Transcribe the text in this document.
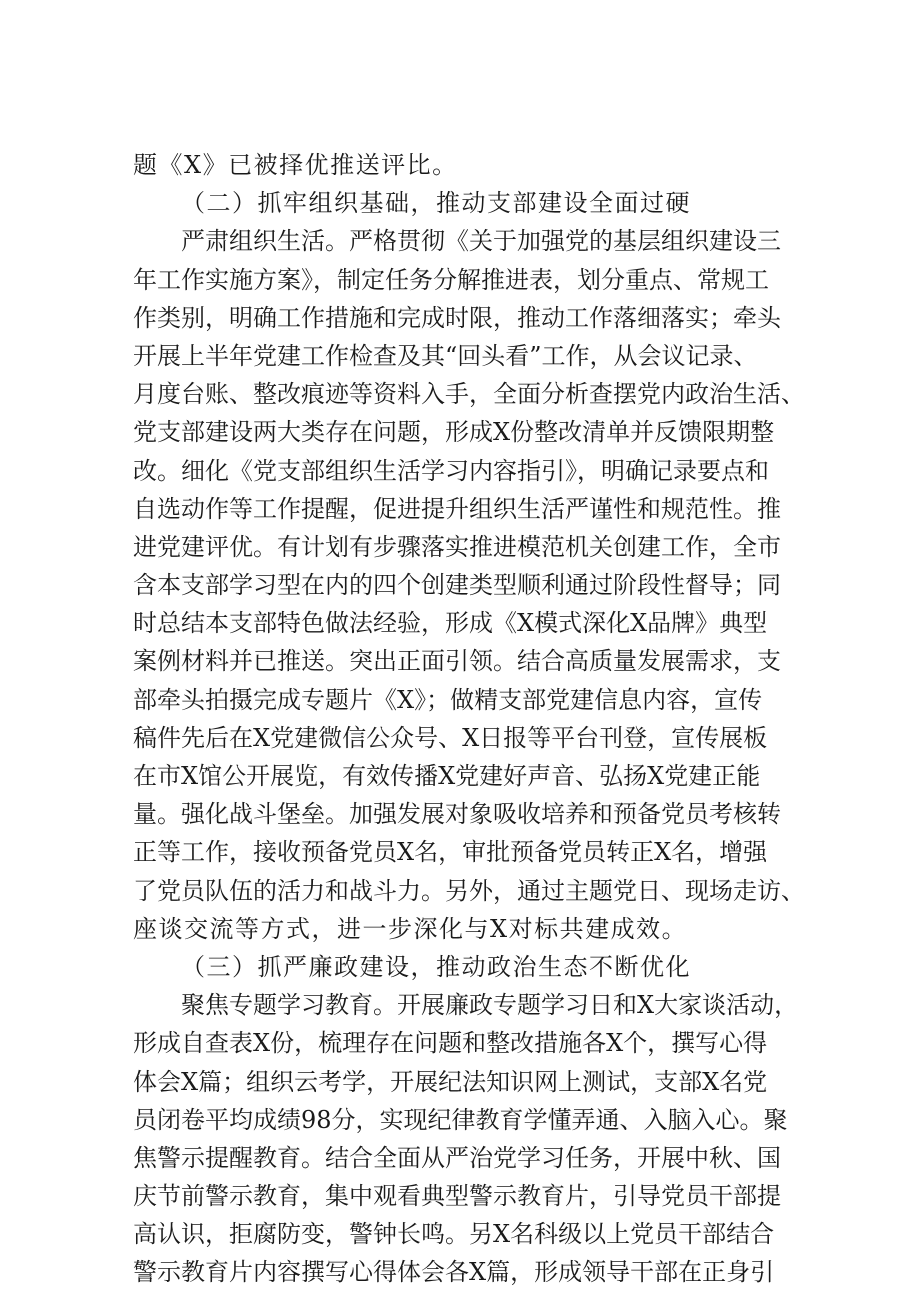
题《X》已被择优推送评比。
（二）抓牢组织基础，推动支部建设全面过硬
严肃组织生活。严格贯彻《关于加强党的基层组织建设三
年工作实施方案》，制定任务分解推进表，划分重点、常规工
作类别，明确工作措施和完成时限，推动工作落细落实；牵头
开展上半年党建工作检查及其“回头看”工作，从会议记录、
月度台账、整改痕迹等资料入手，全面分析查摆党内政治生活、
党支部建设两大类存在问题，形成X份整改清单并反馈限期整
改。细化《党支部组织生活学习内容指引》，明确记录要点和
自选动作等工作提醒，促进提升组织生活严谨性和规范性。推
进党建评优。有计划有步骤落实推进模范机关创建工作，全市
含本支部学习型在内的四个创建类型顺利通过阶段性督导；同
时总结本支部特色做法经验，形成《X模式深化X品牌》典型
案例材料并已推送。突出正面引领。结合高质量发展需求，支
部牵头拍摄完成专题片《X》；做精支部党建信息内容，宣传
稿件先后在X党建微信公众号、X日报等平台刊登，宣传展板
在市X馆公开展览，有效传播X党建好声音、弘扬X党建正能
量。强化战斗堡垒。加强发展对象吸收培养和预备党员考核转
正等工作，接收预备党员X名，审批预备党员转正X名，增强
了党员队伍的活力和战斗力。另外，通过主题党日、现场走访、
座谈交流等方式，进一步深化与X对标共建成效。
（三）抓严廉政建设，推动政治生态不断优化
聚焦专题学习教育。开展廉政专题学习日和X大家谈活动，
形成自查表X份，梳理存在问题和整改措施各X个，撰写心得
体会X篇；组织云考学，开展纪法知识网上测试，支部X名党
员闭卷平均成绩98分，实现纪律教育学懂弄通、入脑入心。聚
焦警示提醒教育。结合全面从严治党学习任务，开展中秋、国
庆节前警示教育，集中观看典型警示教育片，引导党员干部提
高认识，拒腐防变，警钟长鸣。另X名科级以上党员干部结合
警示教育片内容撰写心得体会各X篇，形成领导干部在正身引
